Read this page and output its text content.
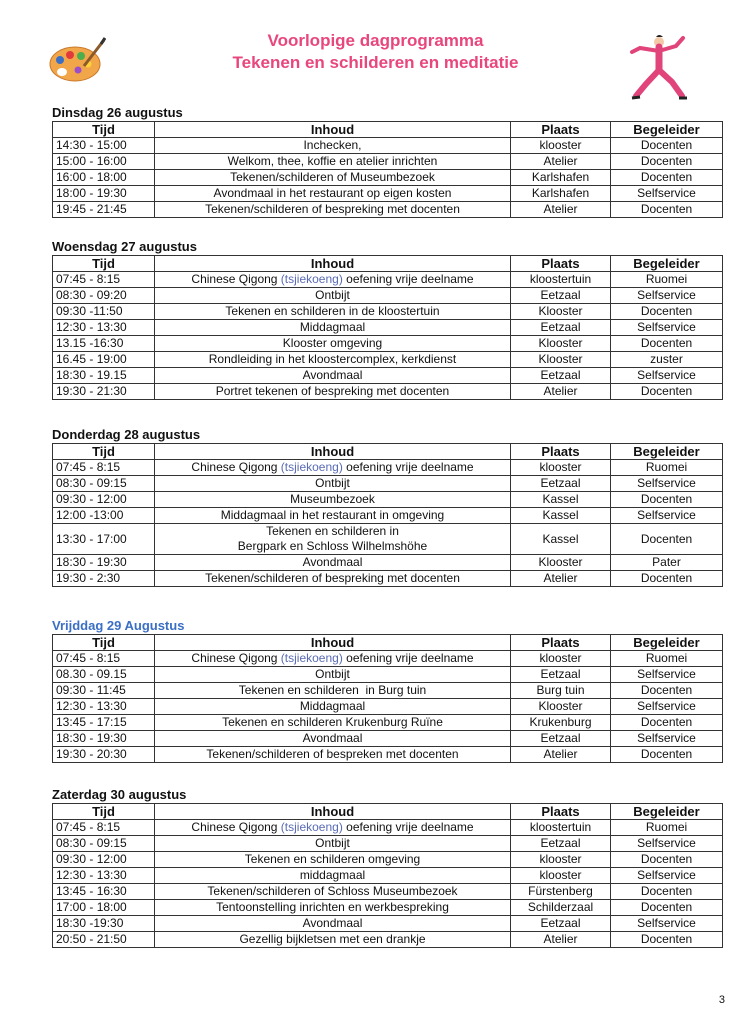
Voorlopige dagprogramma
Tekenen en schilderen en meditatie
Dinsdag 26 augustus
Tijd	Inhoud	Plaats	Begeleider
14:30 - 15:00	Inchecken,	klooster	Docenten
15:00 - 16:00	Welkom, thee, koffie en atelier inrichten	Atelier	Docenten
16:00 - 18:00	Tekenen/schilderen of Museumbezoek	Karlshafen	Docenten
18:00 - 19:30	Avondmaal in het restaurant op eigen kosten	Karlshafen	Selfservice
19:45 - 21:45	Tekenen/schilderen of bespreking met docenten	Atelier	Docenten
Woensdag 27 augustus
Tijd	Inhoud	Plaats	Begeleider
07:45 - 8:15	Chinese Qigong (tsjiekoeng) oefening vrije deelname	kloostertuin	Ruomei
08:30 - 09:20	Ontbijt	Eetzaal	Selfservice
09:30 -11:50	Tekenen en schilderen in de kloostertuin	Klooster	Docenten
12:30 - 13:30	Middagmaal	Eetzaal	Selfservice
13.15 -16:30	Klooster omgeving	Klooster	Docenten
16.45 - 19:00	Rondleiding in het kloostercomplex, kerkdienst	Klooster	zuster
18:30 - 19.15	Avondmaal	Eetzaal	Selfservice
19:30 - 21:30	Portret tekenen of bespreking met docenten	Atelier	Docenten
Donderdag 28 augustus
Tijd	Inhoud	Plaats	Begeleider
07:45 - 8:15	Chinese Qigong (tsjiekoeng) oefening vrije deelname	klooster	Ruomei
08:30 - 09:15	Ontbijt	Eetzaal	Selfservice
09:30 - 12:00	Museumbezoek	Kassel	Docenten
12:00 -13:00	Middagmaal in het restaurant in omgeving	Kassel	Selfservice
13:30 - 17:00	Tekenen en schilderen in
Bergpark en Schloss Wilhelmshöhe	Kassel	Docenten
18:30 - 19:30	Avondmaal	Klooster	Pater
19:30 - 2:30	Tekenen/schilderen of bespreking met docenten	Atelier	Docenten
Vrijddag 29 Augustus
Tijd	Inhoud	Plaats	Begeleider
07:45 - 8:15	Chinese Qigong (tsjiekoeng) oefening vrije deelname	klooster	Ruomei
08.30 - 09.15	Ontbijt	Eetzaal	Selfservice
09:30 - 11:45	Tekenen en schilderen  in Burg tuin	Burg tuin	Docenten
12:30 - 13:30	Middagmaal	Klooster	Selfservice
13:45 - 17:15	Tekenen en schilderen Krukenburg Ruïne	Krukenburg	Docenten
18:30 - 19:30	Avondmaal	Eetzaal	Selfservice
19:30 - 20:30	Tekenen/schilderen of bespreken met docenten	Atelier	Docenten
Zaterdag 30 augustus
Tijd	Inhoud	Plaats	Begeleider
07:45 - 8:15	Chinese Qigong (tsjiekoeng) oefening vrije deelname	kloostertuin	Ruomei
08:30 - 09:15	Ontbijt	Eetzaal	Selfservice
09:30 - 12:00	Tekenen en schilderen omgeving	klooster	Docenten
12:30 - 13:30	middagmaal	klooster	Selfservice
13:45 - 16:30	Tekenen/schilderen of Schloss Museumbezoek	Fürstenberg	Docenten
17:00 - 18:00	Tentoonstelling inrichten en werkbespreking	Schilderzaal	Docenten
18:30 -19:30	Avondmaal	Eetzaal	Selfservice
20:50 - 21:50	Gezellig bijkletsen met een drankje	Atelier	Docenten
3
